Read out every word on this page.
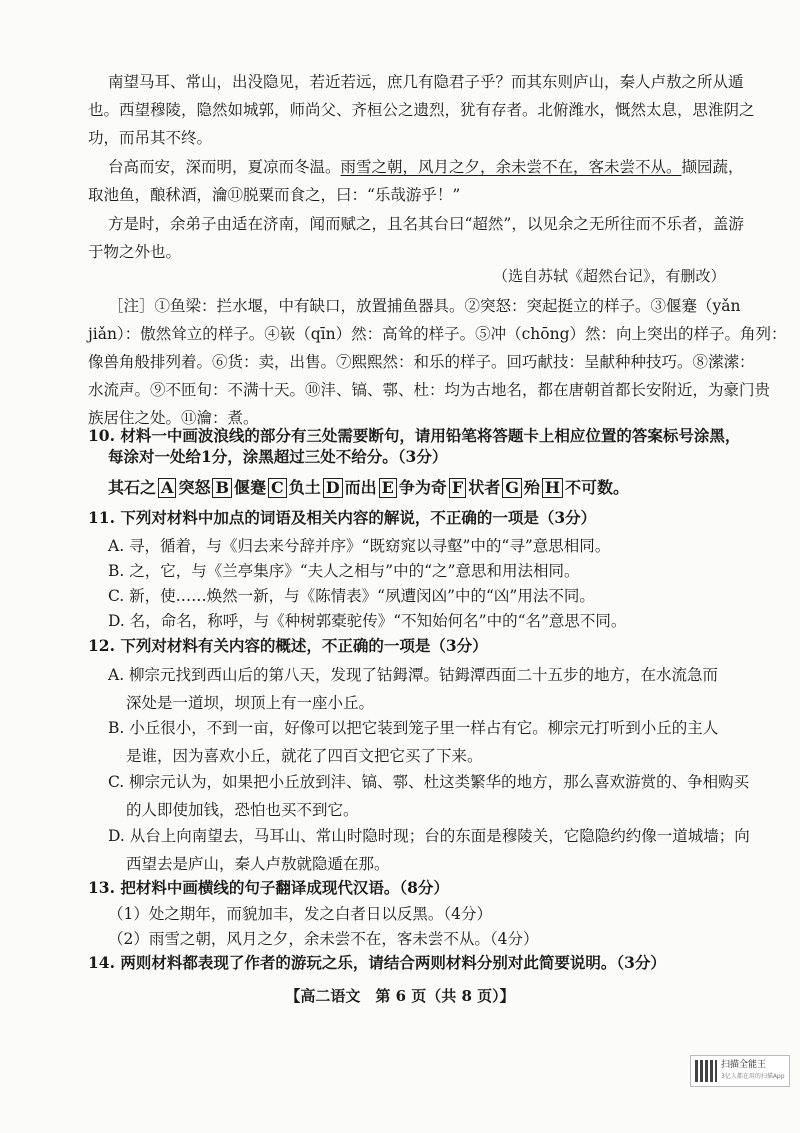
南望马耳、常山，出没隐见，若近若远，庶几有隐君子乎？而其东则庐山，秦人卢敖之所从遁
也。西望穆陵，隐然如城郭，师尚父、齐桓公之遗烈，犹有存者。北俯潍水，慨然太息，思淮阴之
功，而吊其不终。
台高而安，深而明，夏凉而冬温。雨雪之朝，风月之夕，余未尝不在，客未尝不从。撷园蔬，
取池鱼，酿秫酒，瀹⑪脱粟而食之，曰：“乐哉游乎！”
方是时，余弟子由适在济南，闻而赋之，且名其台曰“超然”，以见余之无所往而不乐者，盖游
于物之外也。
（选自苏轼《超然台记》，有删改）
［注］①鱼梁：拦水堰，中有缺口，放置捕鱼器具。②突怒：突起挺立的样子。③偃蹇（yǎn
jiǎn）：傲然耸立的样子。④嵚（qīn）然：高耸的样子。⑤冲（chōng）然：向上突出的样子。角列：
像兽角般排列着。⑥货：卖，出售。⑦熙熙然：和乐的样子。回巧献技：呈献种种技巧。⑧潆潆：
水流声。⑨不匝旬：不满十天。⑩沣、镐、鄠、杜：均为古地名，都在唐朝首都长安附近，为豪门贵
族居住之处。⑪瀹：煮。
10. 材料一中画波浪线的部分有三处需要断句，请用铅笔将答题卡上相应位置的答案标号涂黑，
每涂对一处给1分，涂黑超过三处不给分。（3分）
其石之 A 突怒 B 偃蹇 C 负土 D 而出 E 争为奇 F 状者 G 殆 H 不可数。
11. 下列对材料中加点的词语及相关内容的解说，不正确的一项是（3分）
A. 寻，循着，与《归去来兮辞并序》“既窈窕以寻壑”中的“寻”意思相同。
B. 之，它，与《兰亭集序》“夫人之相与”中的“之”意思和用法相同。
C. 新，使……焕然一新，与《陈情表》“夙遭闵凶”中的“凶”用法不同。
D. 名，命名，称呼，与《种树郭橐驼传》“不知始何名”中的“名”意思不同。
12. 下列对材料有关内容的概述，不正确的一项是（3分）
A. 柳宗元找到西山后的第八天，发现了钴鉧潭。钴鉧潭西面二十五步的地方，在水流急而
深处是一道坝，坝顶上有一座小丘。
B. 小丘很小，不到一亩，好像可以把它装到笼子里一样占有它。柳宗元打听到小丘的主人
是谁，因为喜欢小丘，就花了四百文把它买了下来。
C. 柳宗元认为，如果把小丘放到沣、镐、鄠、杜这类繁华的地方，那么喜欢游赏的、争相购买
的人即使加钱，恐怕也买不到它。
D. 从台上向南望去，马耳山、常山时隐时现；台的东面是穆陵关，它隐隐约约像一道城墙；向
西望去是庐山，秦人卢敖就隐遁在那。
13. 把材料中画横线的句子翻译成现代汉语。（8分）
（1）处之期年，而貌加丰，发之白者日以反黑。（4分）
（2）雨雪之朝，风月之夕，余未尝不在，客未尝不从。（4分）
14. 两则材料都表现了作者的游玩之乐，请结合两则材料分别对此简要说明。（3分）
【高二语文　第 6 页（共 8 页）】
扫描全能王
3亿人都在用的扫描App
